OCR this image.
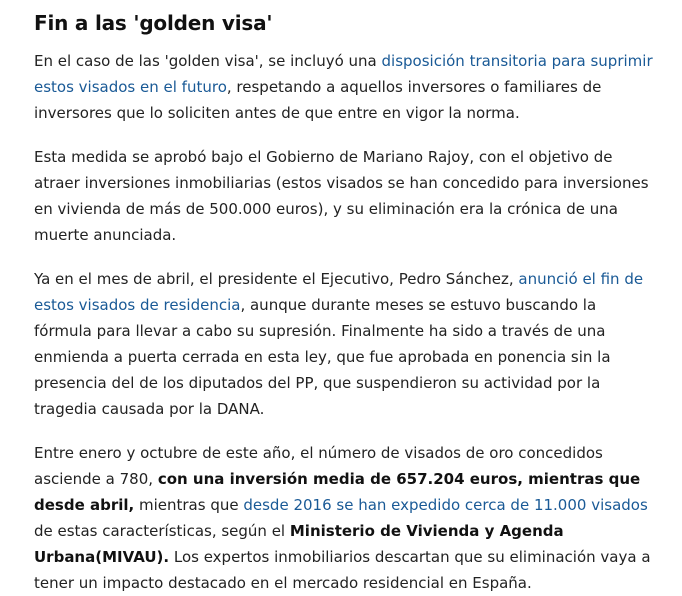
Fin a las 'golden visa'

En el caso de las 'golden visa', se incluyó una disposición transitoria para suprimir estos visados en el futuro, respetando a aquellos inversores o familiares de inversores que lo soliciten antes de que entre en vigor la norma.

Esta medida se aprobó bajo el Gobierno de Mariano Rajoy, con el objetivo de atraer inversiones inmobiliarias (estos visados se han concedido para inversiones en vivienda de más de 500.000 euros), y su eliminación era la crónica de una muerte anunciada.

Ya en el mes de abril, el presidente el Ejecutivo, Pedro Sánchez, anunció el fin de estos visados de residencia, aunque durante meses se estuvo buscando la fórmula para llevar a cabo su supresión. Finalmente ha sido a través de una enmienda a puerta cerrada en esta ley, que fue aprobada en ponencia sin la presencia del de los diputados del PP, que suspendieron su actividad por la tragedia causada por la DANA.

Entre enero y octubre de este año, el número de visados de oro concedidos asciende a 780, con una inversión media de 657.204 euros, mientras que desde abril, mientras que desde 2016 se han expedido cerca de 11.000 visados de estas características, según el Ministerio de Vivienda y Agenda Urbana(MIVAU). Los expertos inmobiliarios descartan que su eliminación vaya a tener un impacto destacado en el mercado residencial en España.
